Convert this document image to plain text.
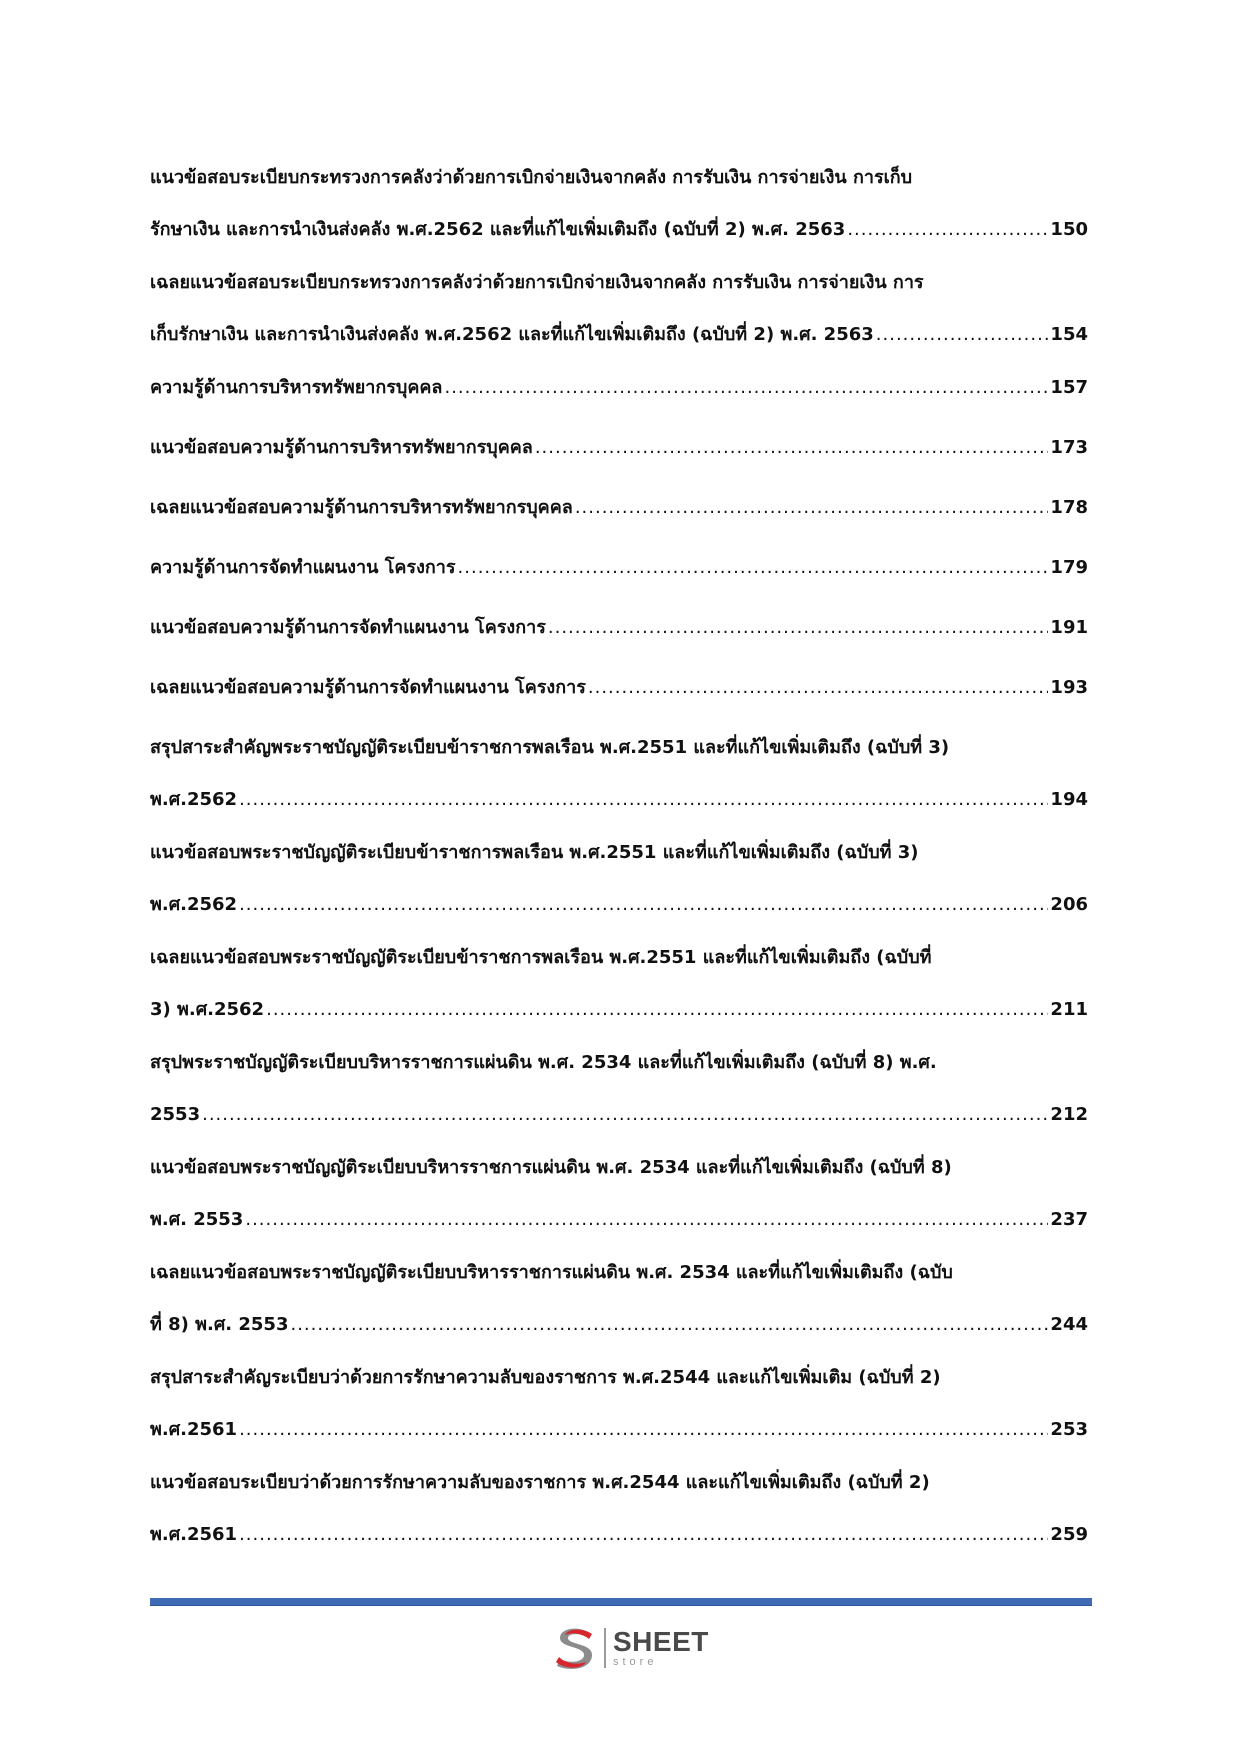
แนวข้อสอบระเบียบกระทรวงการคลังว่าด้วยการเบิกจ่ายเงินจากคลัง การรับเงิน การจ่ายเงิน การเก็บ
รักษาเงิน และการนำเงินส่งคลัง พ.ศ.2562 และที่แก้ไขเพิ่มเติมถึง (ฉบับที่ 2) พ.ศ. 2563 .....	150
เฉลยแนวข้อสอบระเบียบกระทรวงการคลังว่าด้วยการเบิกจ่ายเงินจากคลัง การรับเงิน การจ่ายเงิน การ
เก็บรักษาเงิน และการนำเงินส่งคลัง พ.ศ.2562 และที่แก้ไขเพิ่มเติมถึง (ฉบับที่ 2) พ.ศ. 2563 .....	154
ความรู้ด้านการบริหารทรัพยากรบุคคล .....	157
แนวข้อสอบความรู้ด้านการบริหารทรัพยากรบุคคล .....	173
เฉลยแนวข้อสอบความรู้ด้านการบริหารทรัพยากรบุคคล .....	178
ความรู้ด้านการจัดทำแผนงาน โครงการ .....	179
แนวข้อสอบความรู้ด้านการจัดทำแผนงาน โครงการ .....	191
เฉลยแนวข้อสอบความรู้ด้านการจัดทำแผนงาน โครงการ .....	193
สรุปสาระสำคัญพระราชบัญญัติระเบียบข้าราชการพลเรือน พ.ศ.2551 และที่แก้ไขเพิ่มเติมถึง (ฉบับที่ 3)
พ.ศ.2562 .....	194
แนวข้อสอบพระราชบัญญัติระเบียบข้าราชการพลเรือน พ.ศ.2551 และที่แก้ไขเพิ่มเติมถึง (ฉบับที่ 3)
พ.ศ.2562 .....	206
เฉลยแนวข้อสอบพระราชบัญญัติระเบียบข้าราชการพลเรือน พ.ศ.2551 และที่แก้ไขเพิ่มเติมถึง (ฉบับที่
3) พ.ศ.2562 .....	211
สรุปพระราชบัญญัติระเบียบบริหารราชการแผ่นดิน พ.ศ. 2534 และที่แก้ไขเพิ่มเติมถึง (ฉบับที่ 8) พ.ศ.
2553 .....	212
แนวข้อสอบพระราชบัญญัติระเบียบบริหารราชการแผ่นดิน พ.ศ. 2534 และที่แก้ไขเพิ่มเติมถึง (ฉบับที่ 8)
พ.ศ. 2553 .....	237
เฉลยแนวข้อสอบพระราชบัญญัติระเบียบบริหารราชการแผ่นดิน พ.ศ. 2534 และที่แก้ไขเพิ่มเติมถึง (ฉบับ
ที่ 8) พ.ศ. 2553 .....	244
สรุปสาระสำคัญระเบียบว่าด้วยการรักษาความลับของราชการ พ.ศ.2544 และแก้ไขเพิ่มเติม (ฉบับที่ 2)
พ.ศ.2561 .....	253
แนวข้อสอบระเบียบว่าด้วยการรักษาความลับของราชการ พ.ศ.2544 และแก้ไขเพิ่มเติมถึง (ฉบับที่ 2)
พ.ศ.2561 .....	259
SHEET
store
